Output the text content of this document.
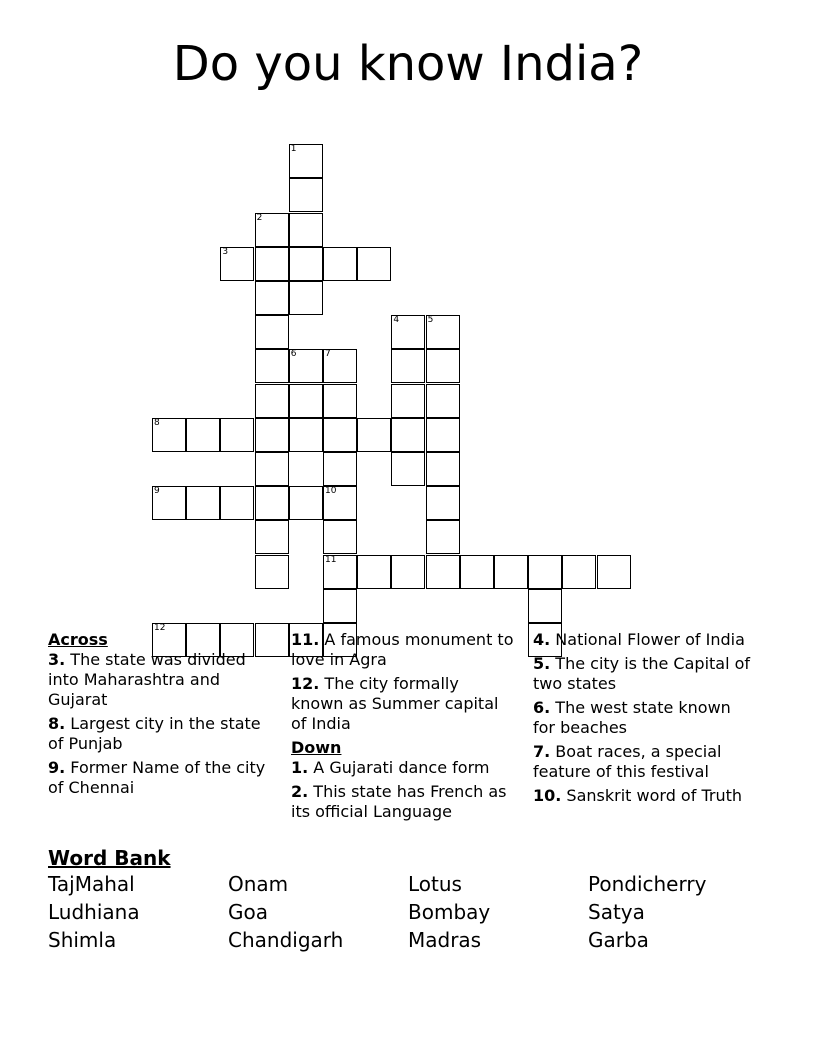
Do you know India?
1
2
3
4	5
6	7
8
9	10
11
12
Across
3. The state was divided into Maharashtra and Gujarat
8. Largest city in the state of Punjab
9. Former Name of the city of Chennai
11. A famous monument to love in Agra
12. The city formally known as Summer capital of India
Down
1. A Gujarati dance form
2. This state has French as its official Language
4. National Flower of India
5. The city is the Capital of two states
6. The west state known for beaches
7. Boat races, a special feature of this festival
10. Sanskrit word of Truth
Word Bank
TajMahal	Onam	Lotus	Pondicherry
Ludhiana	Goa	Bombay	Satya
Shimla	Chandigarh	Madras	Garba
